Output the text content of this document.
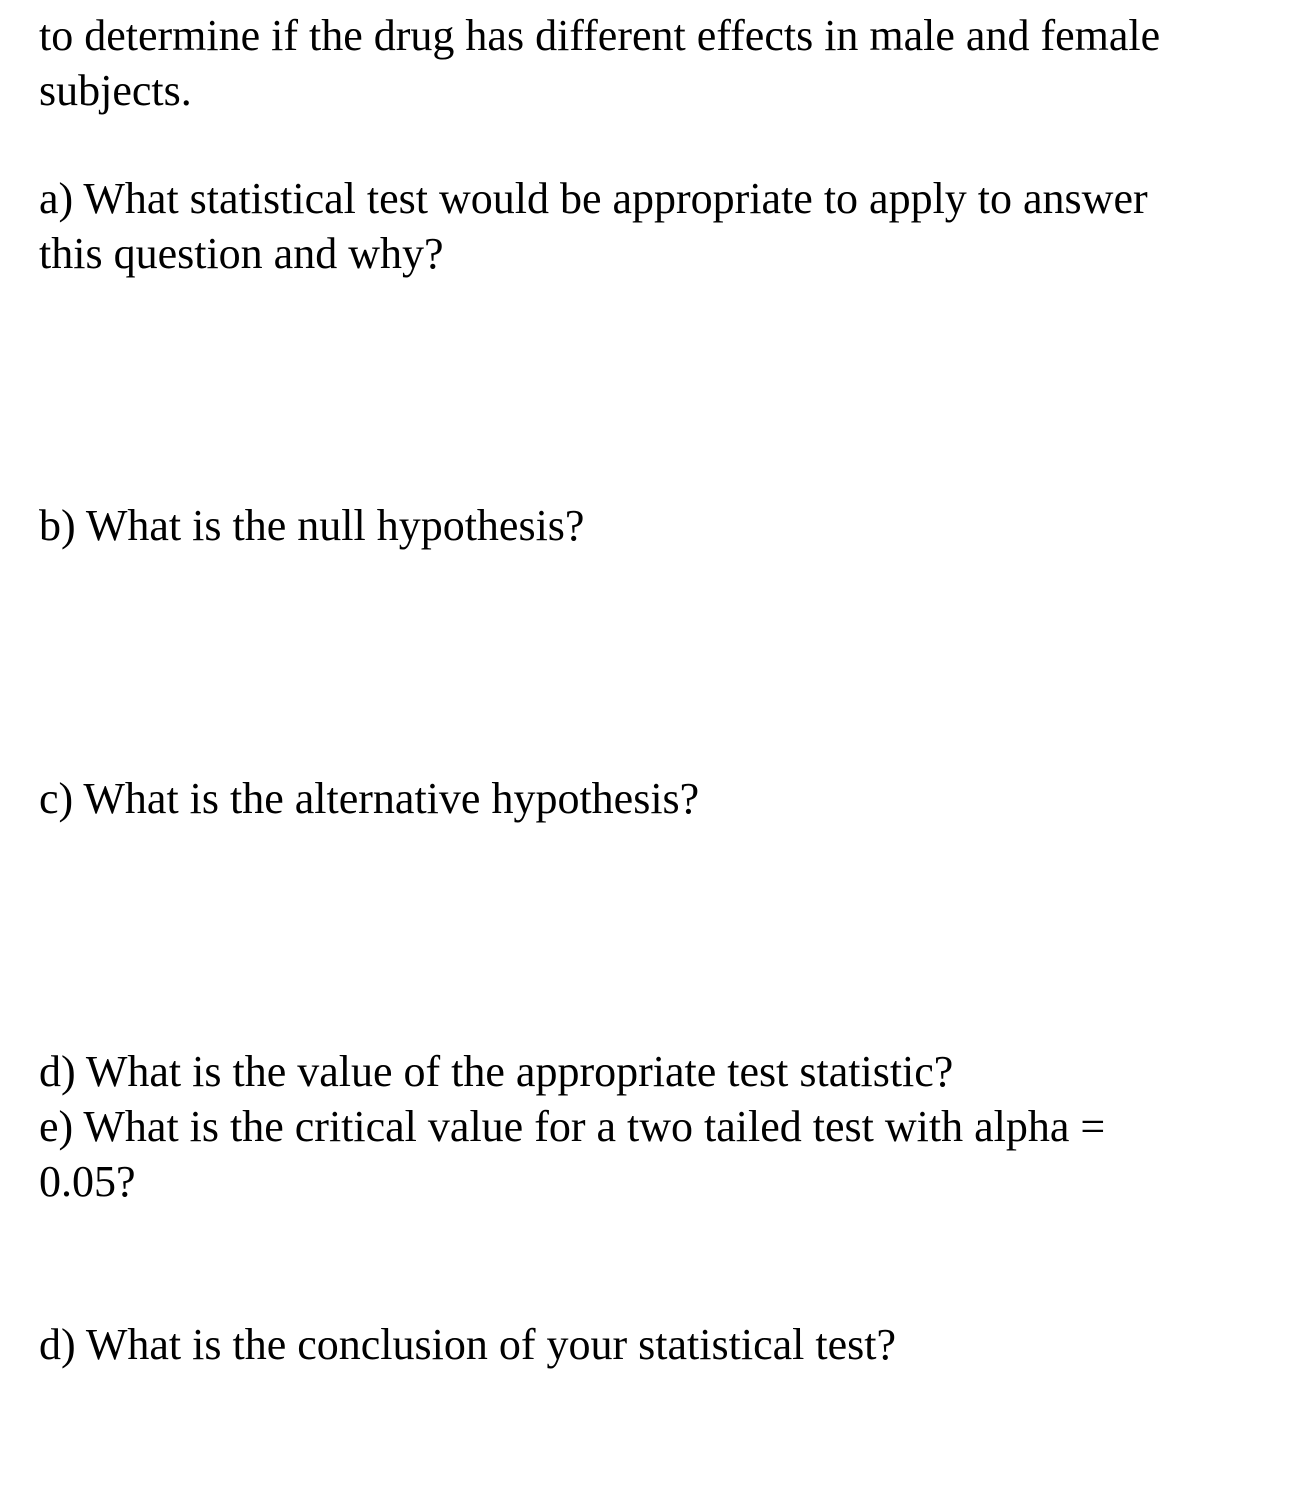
to determine if the drug has different effects in male and female

subjects.

a) What statistical test would be appropriate to apply to answer

this question and why?

b) What is the null hypothesis?

c) What is the alternative hypothesis?

d) What is the value of the appropriate test statistic?

e) What is the critical value for a two tailed test with alpha =

0.05?

d) What is the conclusion of your statistical test?
